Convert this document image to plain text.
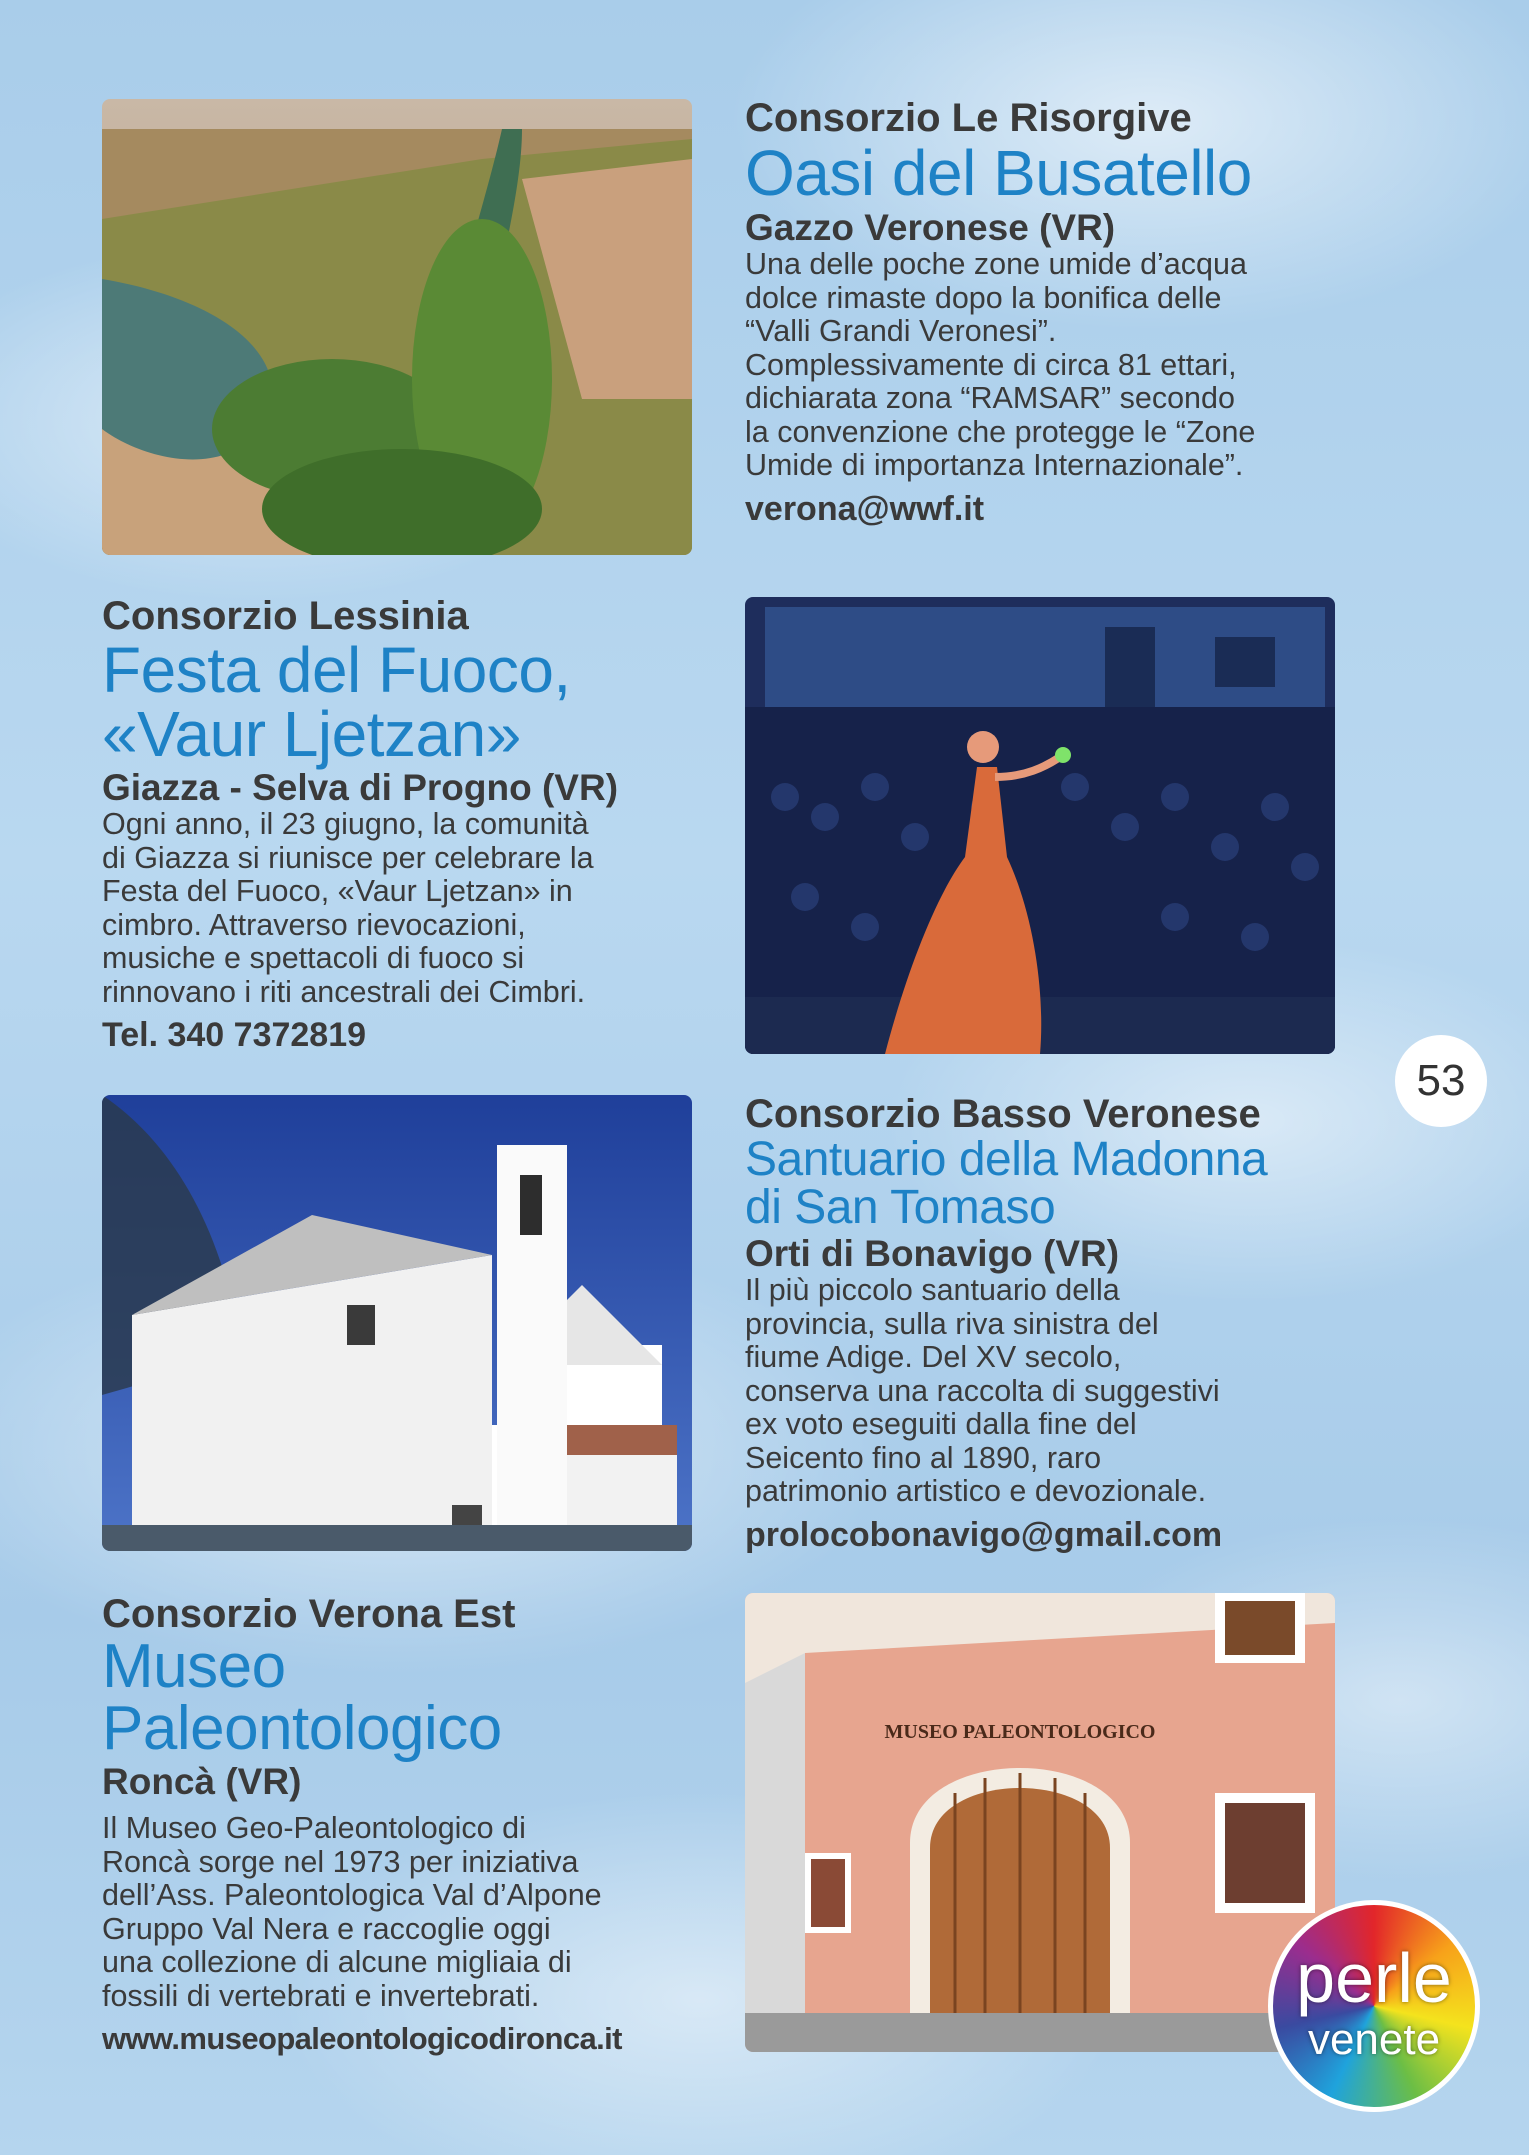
Consorzio Le Risorgive

Oasi del Busatello

Gazzo Veronese (VR)

Una delle poche zone umide d’acqua
dolce rimaste dopo la bonifica delle
“Valli Grandi Veronesi”.
Complessivamente di circa 81 ettari,
dichiarata zona “RAMSAR” secondo
la convenzione che protegge le “Zone
Umide di importanza Internazionale”.

verona@wwf.it

Consorzio Lessinia

Festa del Fuoco,
«Vaur Ljetzan»

Giazza - Selva di Progno (VR)

Ogni anno, il 23 giugno, la comunità
di Giazza si riunisce per celebrare la
Festa del Fuoco, «Vaur Ljetzan» in
cimbro. Attraverso rievocazioni,
musiche e spettacoli di fuoco si
rinnovano i riti ancestrali dei Cimbri.

Tel. 340 7372819

53

Consorzio Basso Veronese

Santuario della Madonna
di San Tomaso

Orti di Bonavigo (VR)

Il più piccolo santuario della
provincia, sulla riva sinistra del
fiume Adige. Del XV secolo,
conserva una raccolta di suggestivi
ex voto eseguiti dalla fine del
Seicento fino al 1890, raro
patrimonio artistico e devozionale.

prolocobonavigo@gmail.com

Consorzio Verona Est

Museo
Paleontologico

Roncà (VR)

Il Museo Geo-Paleontologico di
Roncà sorge nel 1973 per iniziativa
dell’Ass. Paleontologica Val d’Alpone
Gruppo Val Nera e raccoglie oggi
una collezione di alcune migliaia di
fossili di vertebrati e invertebrati.

www.museopaleontologicodironca.it

MUSEO PALEONTOLOGICO
perle
venete
